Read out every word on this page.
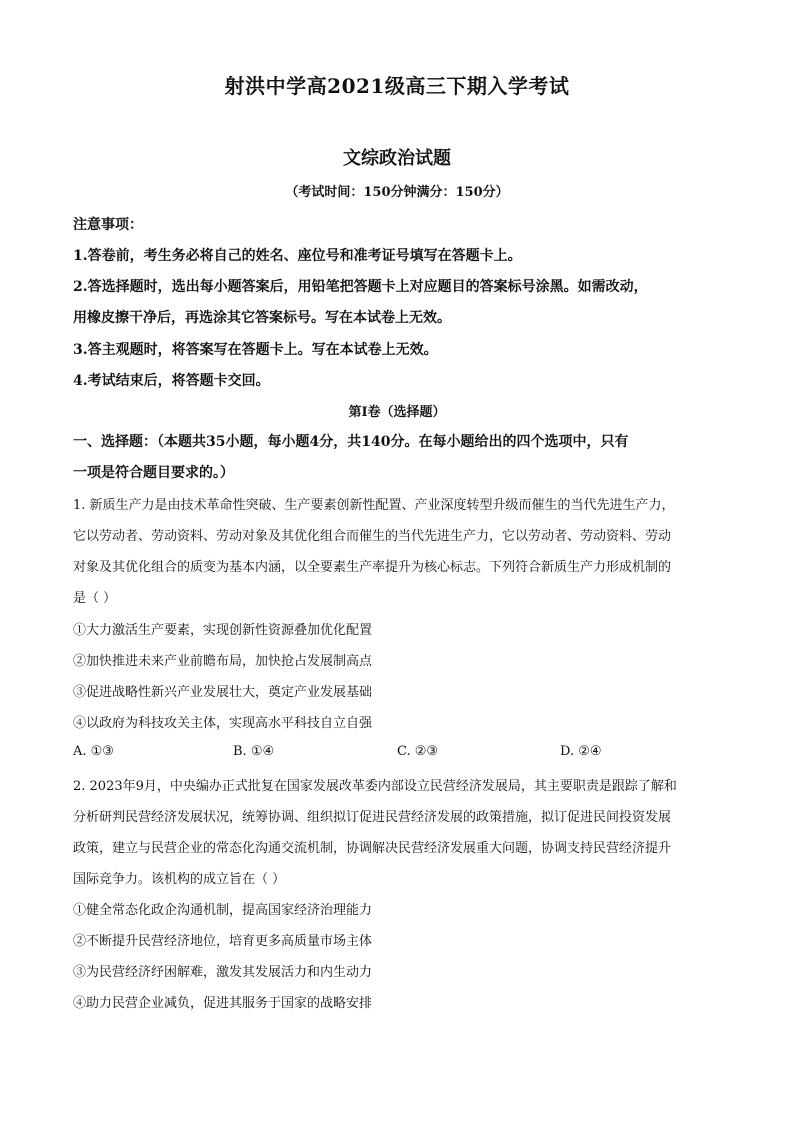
射洪中学高2021级高三下期入学考试
文综政治试题
（考试时间：150分钟满分：150分）
注意事项：
1.答卷前，考生务必将自己的姓名、座位号和准考证号填写在答题卡上。
2.答选择题时，选出每小题答案后，用铅笔把答题卡上对应题目的答案标号涂黑。如需改动，
用橡皮擦干净后，再选涂其它答案标号。写在本试卷上无效。
3.答主观题时，将答案写在答题卡上。写在本试卷上无效。
4.考试结束后，将答题卡交回。
第Ⅰ卷（选择题）
一、选择题：（本题共35小题，每小题4分，共140分。在每小题给出的四个选项中，只有
一项是符合题目要求的。）
1. 新质生产力是由技术革命性突破、生产要素创新性配置、产业深度转型升级而催生的当代先进生产力，
它以劳动者、劳动资料、劳动对象及其优化组合而催生的当代先进生产力，它以劳动者、劳动资料、劳动
对象及其优化组合的质变为基本内涵，以全要素生产率提升为核心标志。下列符合新质生产力形成机制的
是（ ）
①大力激活生产要素，实现创新性资源叠加优化配置
②加快推进未来产业前瞻布局，加快抢占发展制高点
③促进战略性新兴产业发展壮大，奠定产业发展基础
④以政府为科技攻关主体，实现高水平科技自立自强
A. ①③	B. ①④	C. ②③	D. ②④
2. 2023年9月，中央编办正式批复在国家发展改革委内部设立民营经济发展局，其主要职责是跟踪了解和
分析研判民营经济发展状况，统筹协调、组织拟订促进民营经济发展的政策措施，拟订促进民间投资发展
政策，建立与民营企业的常态化沟通交流机制，协调解决民营经济发展重大问题，协调支持民营经济提升
国际竞争力。该机构的成立旨在（ ）
①健全常态化政企沟通机制，提高国家经济治理能力
②不断提升民营经济地位，培育更多高质量市场主体
③为民营经济纾困解难，激发其发展活力和内生动力
④助力民营企业减负，促进其服务于国家的战略安排
